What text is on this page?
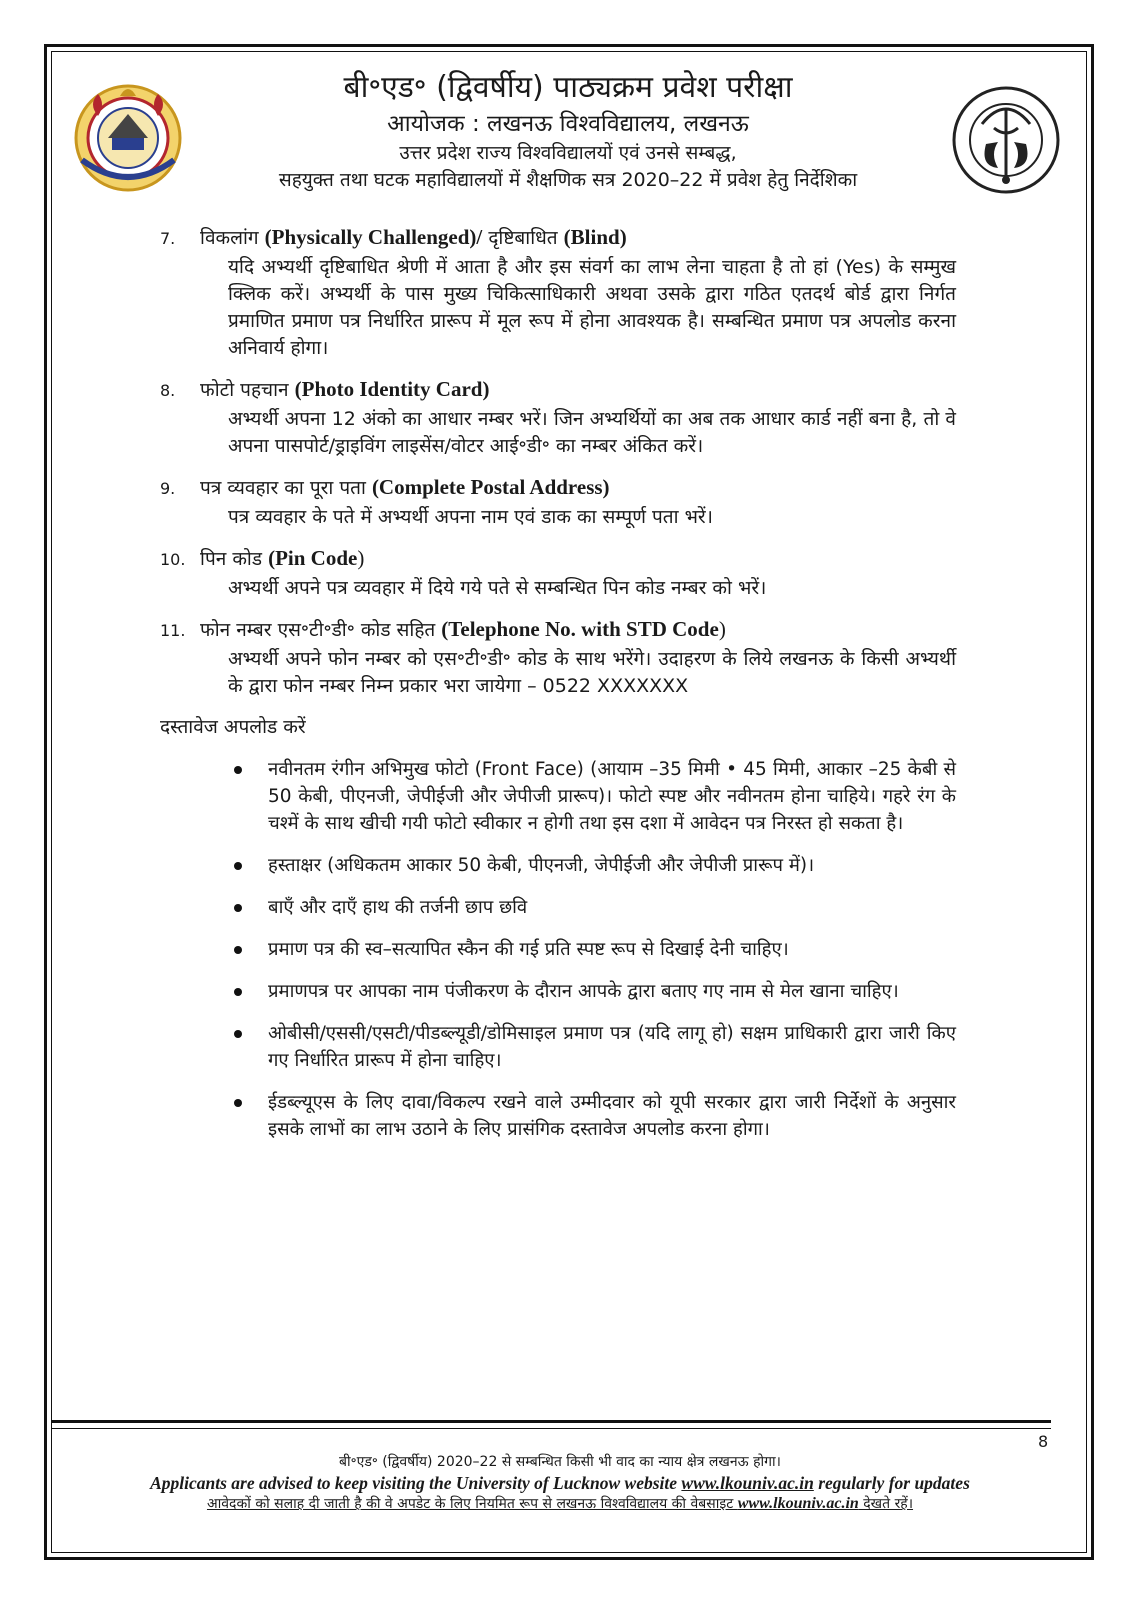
बी॰एड॰ (द्विवर्षीय) पाठ्यक्रम प्रवेश परीक्षा

आयोजक : लखनऊ विश्वविद्यालय, लखनऊ

उत्तर प्रदेश राज्य विश्वविद्यालयों एवं उनसे सम्बद्ध,

सहयुक्त तथा घटक महाविद्यालयों में शैक्षणिक सत्र 2020–22 में प्रवेश हेतु निर्देशिका

7. विकलांग (Physically Challenged)/ दृष्टिबाधित (Blind)
यदि अभ्यर्थी दृष्टिबाधित श्रेणी में आता है और इस संवर्ग का लाभ लेना चाहता है तो हां (Yes) के सम्मुख क्लिक करें। अभ्यर्थी के पास मुख्य चिकित्साधिकारी अथवा उसके द्वारा गठित एतदर्थ बोर्ड द्वारा निर्गत प्रमाणित प्रमाण पत्र निर्धारित प्रारूप में मूल रूप में होना आवश्यक है। सम्बन्धित प्रमाण पत्र अपलोड करना अनिवार्य होगा।
8. फोटो पहचान (Photo Identity Card)
अभ्यर्थी अपना 12 अंको का आधार नम्बर भरें। जिन अभ्यर्थियों का अब तक आधार कार्ड नहीं बना है, तो वे अपना पासपोर्ट/ड्राइविंग लाइसेंस/वोटर आई॰डी॰ का नम्बर अंकित करें।
9. पत्र व्यवहार का पूरा पता (Complete Postal Address)
पत्र व्यवहार के पते में अभ्यर्थी अपना नाम एवं डाक का सम्पूर्ण पता भरें।
10. पिन कोड (Pin Code)
अभ्यर्थी अपने पत्र व्यवहार में दिये गये पते से सम्बन्धित पिन कोड नम्बर को भरें।
11. फोन नम्बर एस॰टी॰डी॰ कोड सहित (Telephone No. with STD Code)
अभ्यर्थी अपने फोन नम्बर को एस॰टी॰डी॰ कोड के साथ भरेंगे। उदाहरण के लिये लखनऊ के किसी अभ्यर्थी के द्वारा फोन नम्बर निम्न प्रकार भरा जायेगा – 0522 XXXXXXX
दस्तावेज अपलोड करें
नवीनतम रंगीन अभिमुख फोटो (Front Face) (आयाम –35 मिमी • 45 मिमी, आकार –25 केबी से 50 केबी, पीएनजी, जेपीईजी और जेपीजी प्रारूप)। फोटो स्पष्ट और नवीनतम होना चाहिये। गहरे रंग के चश्में के साथ खीची गयी फोटो स्वीकार न होगी तथा इस दशा में आवेदन पत्र निरस्त हो सकता है।
हस्ताक्षर (अधिकतम आकार 50 केबी, पीएनजी, जेपीईजी और जेपीजी प्रारूप में)।
बाएँ और दाएँ हाथ की तर्जनी छाप छवि
प्रमाण पत्र की स्व–सत्यापित स्कैन की गई प्रति स्पष्ट रूप से दिखाई देनी चाहिए।
प्रमाणपत्र पर आपका नाम पंजीकरण के दौरान आपके द्वारा बताए गए नाम से मेल खाना चाहिए।
ओबीसी/एससी/एसटी/पीडब्ल्यूडी/डोमिसाइल प्रमाण पत्र (यदि लागू हो) सक्षम प्राधिकारी द्वारा जारी किए गए निर्धारित प्रारूप में होना चाहिए।
ईडब्ल्यूएस के लिए दावा/विकल्प रखने वाले उम्मीदवार को यूपी सरकार द्वारा जारी निर्देशों के अनुसार इसके लाभों का लाभ उठाने के लिए प्रासंगिक दस्तावेज अपलोड करना होगा।
8
बी॰एड॰ (द्विवर्षीय) 2020–22 से सम्बन्धित किसी भी वाद का न्याय क्षेत्र लखनऊ होगा।
Applicants are advised to keep visiting the University of Lucknow website www.lkouniv.ac.in regularly for updates
आवेदकों को सलाह दी जाती है की वे अपडेट के लिए नियमित रूप से लखनऊ विश्वविद्यालय की वेबसाइट www.lkouniv.ac.in देखते रहें।
